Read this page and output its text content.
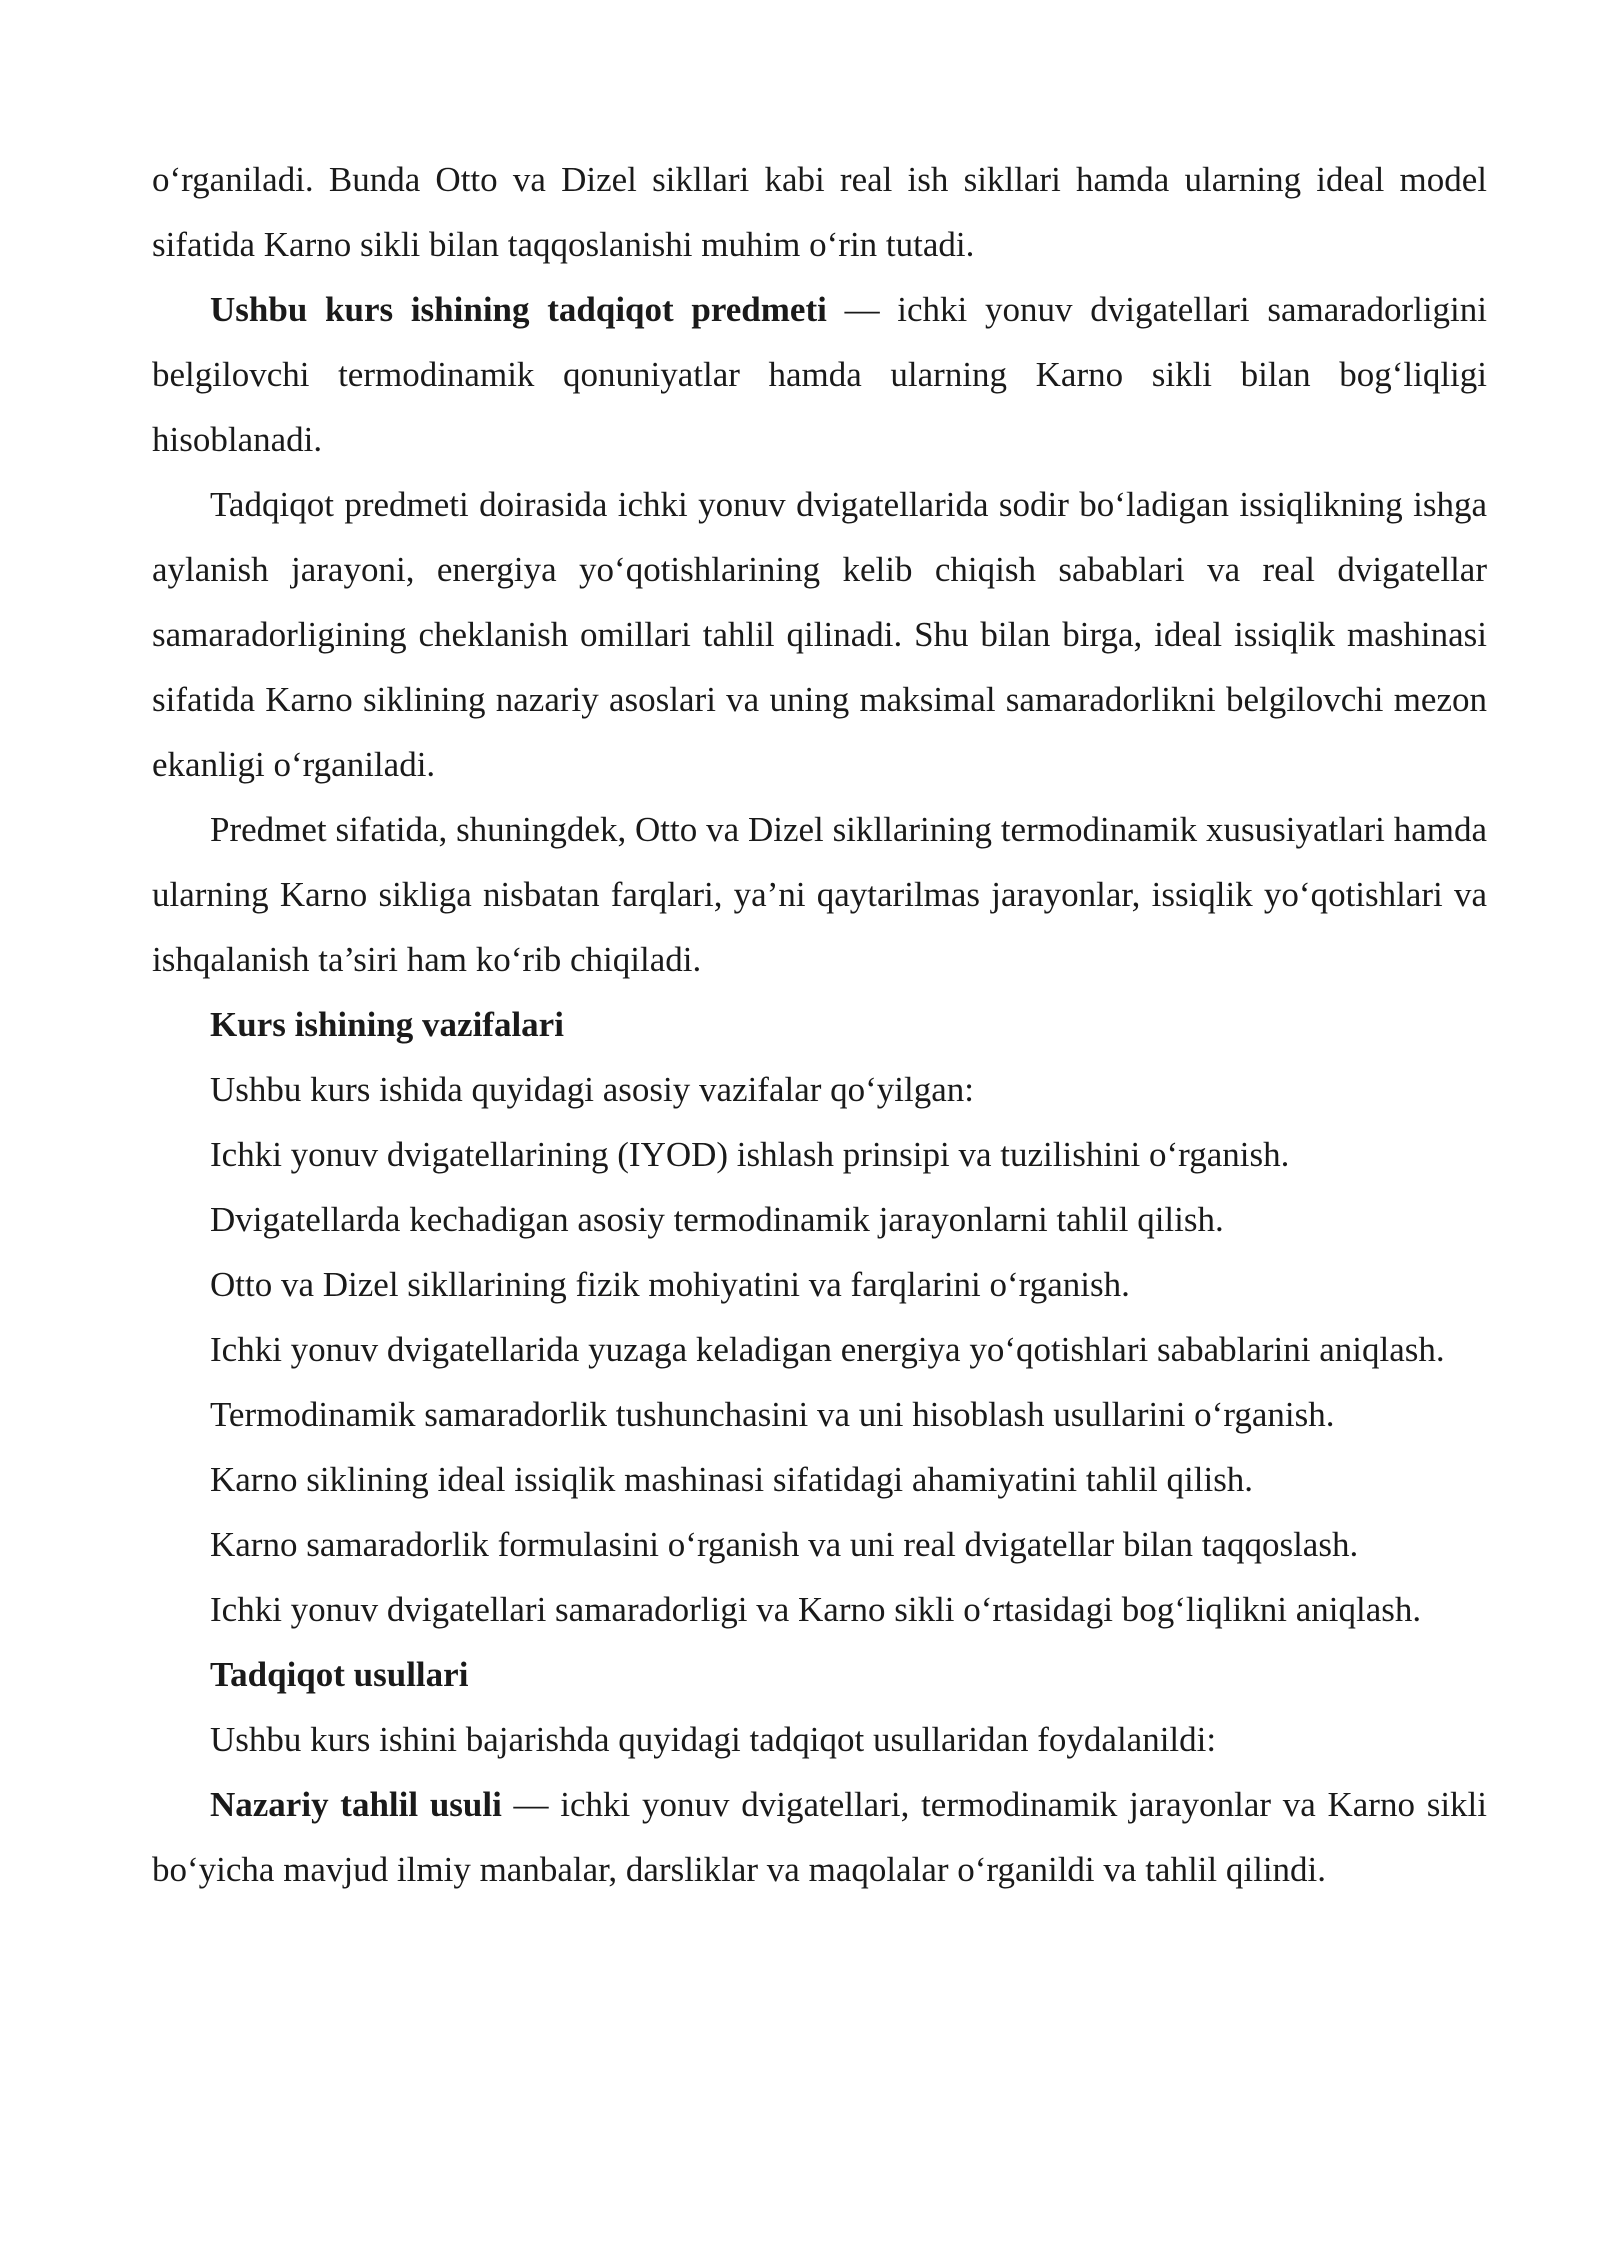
o‘rganiladi. Bunda Otto va Dizel sikllari kabi real ish sikllari hamda ularning ideal model sifatida Karno sikli bilan taqqoslanishi muhim o‘rin tutadi.

Ushbu kurs ishining tadqiqot predmeti — ichki yonuv dvigatellari samaradorligini belgilovchi termodinamik qonuniyatlar hamda ularning Karno sikli bilan bog‘liqligi hisoblanadi.

Tadqiqot predmeti doirasida ichki yonuv dvigatellarida sodir bo‘ladigan issiqlikning ishga aylanish jarayoni, energiya yo‘qotishlarining kelib chiqish sabablari va real dvigatellar samaradorligining cheklanish omillari tahlil qilinadi. Shu bilan birga, ideal issiqlik mashinasi sifatida Karno siklining nazariy asoslari va uning maksimal samaradorlikni belgilovchi mezon ekanligi o‘rganiladi.

Predmet sifatida, shuningdek, Otto va Dizel sikllarining termodinamik xususiyatlari hamda ularning Karno sikliga nisbatan farqlari, ya’ni qaytarilmas jarayonlar, issiqlik yo‘qotishlari va ishqalanish ta’siri ham ko‘rib chiqiladi.

Kurs ishining vazifalari

Ushbu kurs ishida quyidagi asosiy vazifalar qo‘yilgan:

Ichki yonuv dvigatellarining (IYOD) ishlash prinsipi va tuzilishini o‘rganish.

Dvigatellarda kechadigan asosiy termodinamik jarayonlarni tahlil qilish.

Otto va Dizel sikllarining fizik mohiyatini va farqlarini o‘rganish.

Ichki yonuv dvigatellarida yuzaga keladigan energiya yo‘qotishlari sabablarini aniqlash.

Termodinamik samaradorlik tushunchasini va uni hisoblash usullarini o‘rganish.

Karno siklining ideal issiqlik mashinasi sifatidagi ahamiyatini tahlil qilish.

Karno samaradorlik formulasini o‘rganish va uni real dvigatellar bilan taqqoslash.

Ichki yonuv dvigatellari samaradorligi va Karno sikli o‘rtasidagi bog‘liqlikni aniqlash.

Tadqiqot usullari

Ushbu kurs ishini bajarishda quyidagi tadqiqot usullaridan foydalanildi:

Nazariy tahlil usuli — ichki yonuv dvigatellari, termodinamik jarayonlar va Karno sikli bo‘yicha mavjud ilmiy manbalar, darsliklar va maqolalar o‘rganildi va tahlil qilindi.
